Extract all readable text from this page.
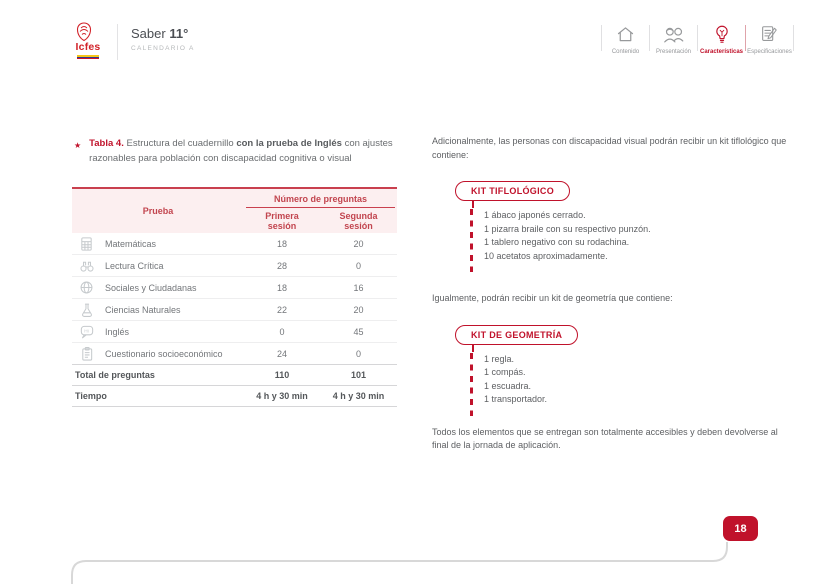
Icfes
Saber 11°
CALENDARIO A	Contenido	Presentación Características Especificaciones
★ Tabla 4. Estructura del cuadernillo con la prueba de Inglés con ajustes razonables para población con discapacidad cognitiva o visual
Prueba
Número de preguntas
Primera sesión
Segunda sesión
Matemáticas	18	20
Lectura Crítica	28	0
Sociales y Ciudadanas	18	16
Ciencias Naturales	22	20
Hi Inglés	0	45
Cuestionario socioeconómico	24	0
Total de preguntas	110	101
Tiempo	4 h y 30 min	4 h y 30 min

Adicionalmente, las personas con discapacidad visual podrán recibir un kit tiflológico que contiene:

KIT TIFLOLÓGICO
1 ábaco japonés cerrado.
1 pizarra braile con su respectivo punzón.
1 tablero negativo con su rodachina.
10 acetatos aproximadamente.

Igualmente, podrán recibir un kit de geometría que contiene:

KIT DE GEOMETRÍA
1 regla.
1 compás.
1 escuadra.
1 transportador.

Todos los elementos que se entregan son totalmente accesibles y deben devolverse al final de la jornada de aplicación.

18
